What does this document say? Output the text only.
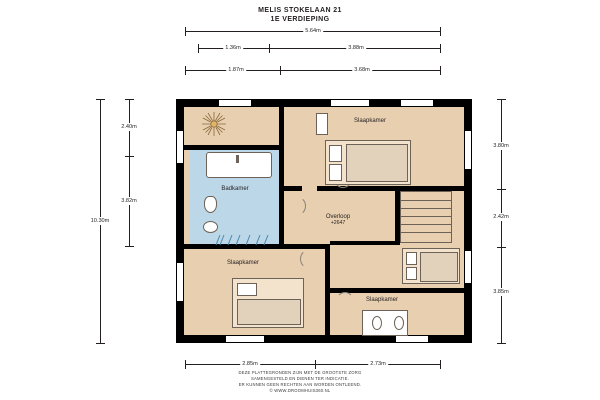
MELIS STOKELAAN 21
1E VERDIEPING
5.64m
1.36m	3.88m
1.87m	3.68m
10.30m
2.40m
3.82m
3.80m
2.42m
3.85m
2.85m	2.73m
Badkamer
Slaapkamer
Overloop
+2647
Slaapkamer
Slaapkamer
DEZE PLATTEGRONDEN ZIJN MET DE GROOTSTE ZORG
SAMENGESTELD EN DIENEN TER INDICATIE.
ER KUNNEN GEEN RECHTEN AAN WORDEN ONTLEEND.
© WWW.DROOMHUIS360.NL
